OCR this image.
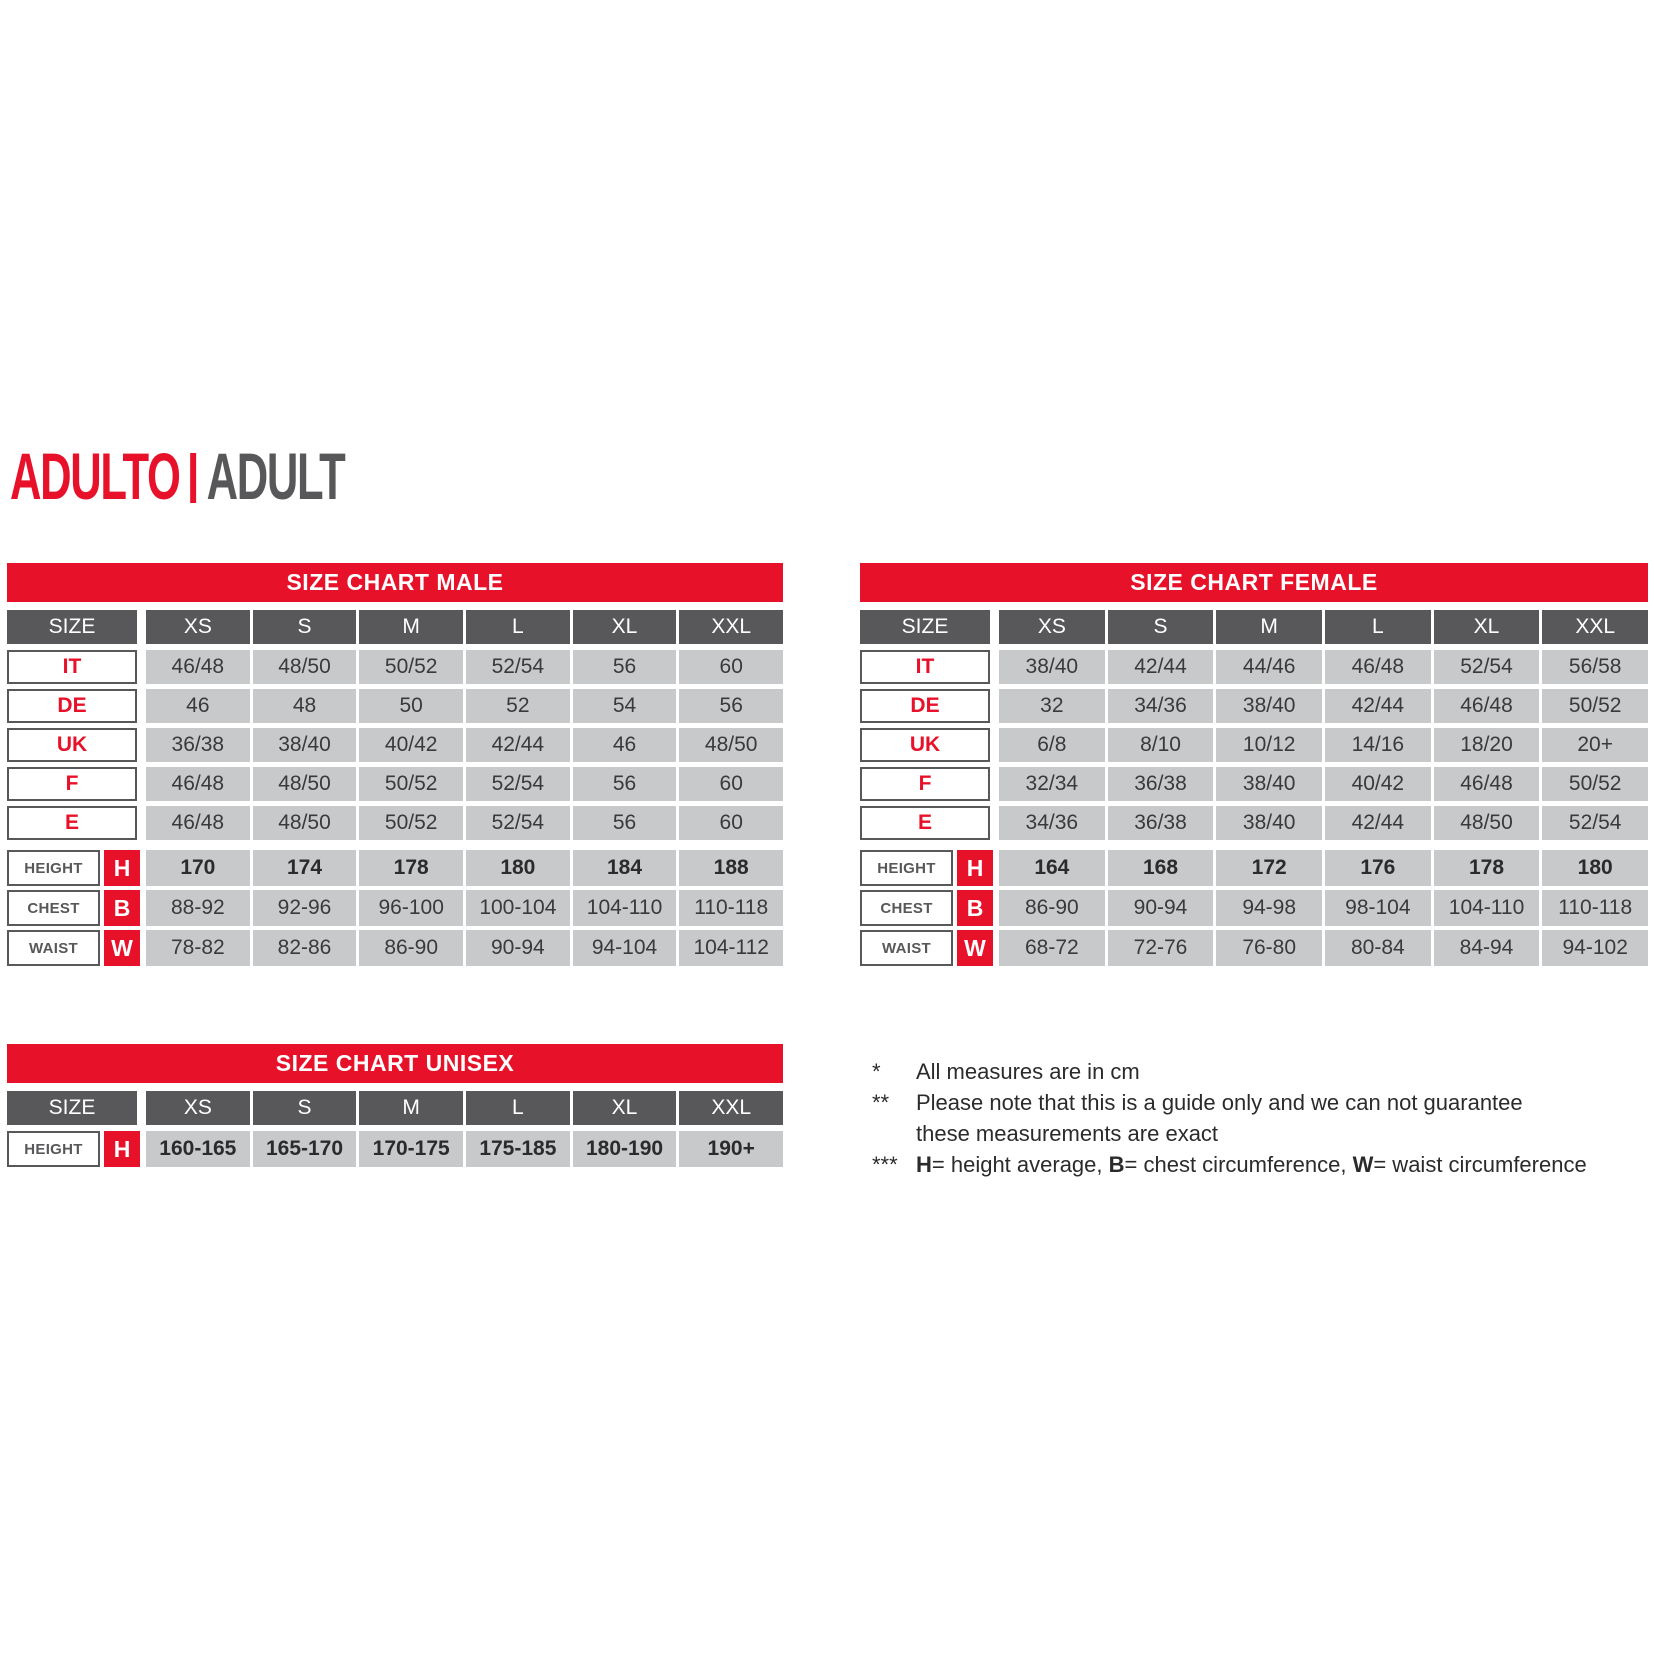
ADULTO ADULT
SIZE CHART MALE
SIZE	XS	S	M	L	XL	XXL
IT	46/48	48/50	50/52	52/54	56	60
DE	46	48	50	52	54	56
UK	36/38	38/40	40/42	42/44	46	48/50
F	46/48	48/50	50/52	52/54	56	60
E	46/48	48/50	50/52	52/54	56	60
HEIGHT	H	170	174	178	180	184	188
CHEST	B	88-92	92-96	96-100	100-104	104-110	110-118
WAIST	W	78-82	82-86	86-90	90-94	94-104	104-112
SIZE CHART FEMALE
SIZE	XS	S	M	L	XL	XXL
IT	38/40	42/44	44/46	46/48	52/54	56/58
DE	32	34/36	38/40	42/44	46/48	50/52
UK	6/8	8/10	10/12	14/16	18/20	20+
F	32/34	36/38	38/40	40/42	46/48	50/52
E	34/36	36/38	38/40	42/44	48/50	52/54
HEIGHT	H	164	168	172	176	178	180
CHEST	B	86-90	90-94	94-98	98-104	104-110	110-118
WAIST	W	68-72	72-76	76-80	80-84	84-94	94-102
SIZE CHART UNISEX
SIZE	XS	S	M	L	XL	XXL
HEIGHT	H	160-165	165-170	170-175	175-185	180-190	190+
*	All measures are in cm
**	Please note that this is a guide only and we can not guarantee
these measurements are exact
*** H= height average, B= chest circumference, W= waist circumference
